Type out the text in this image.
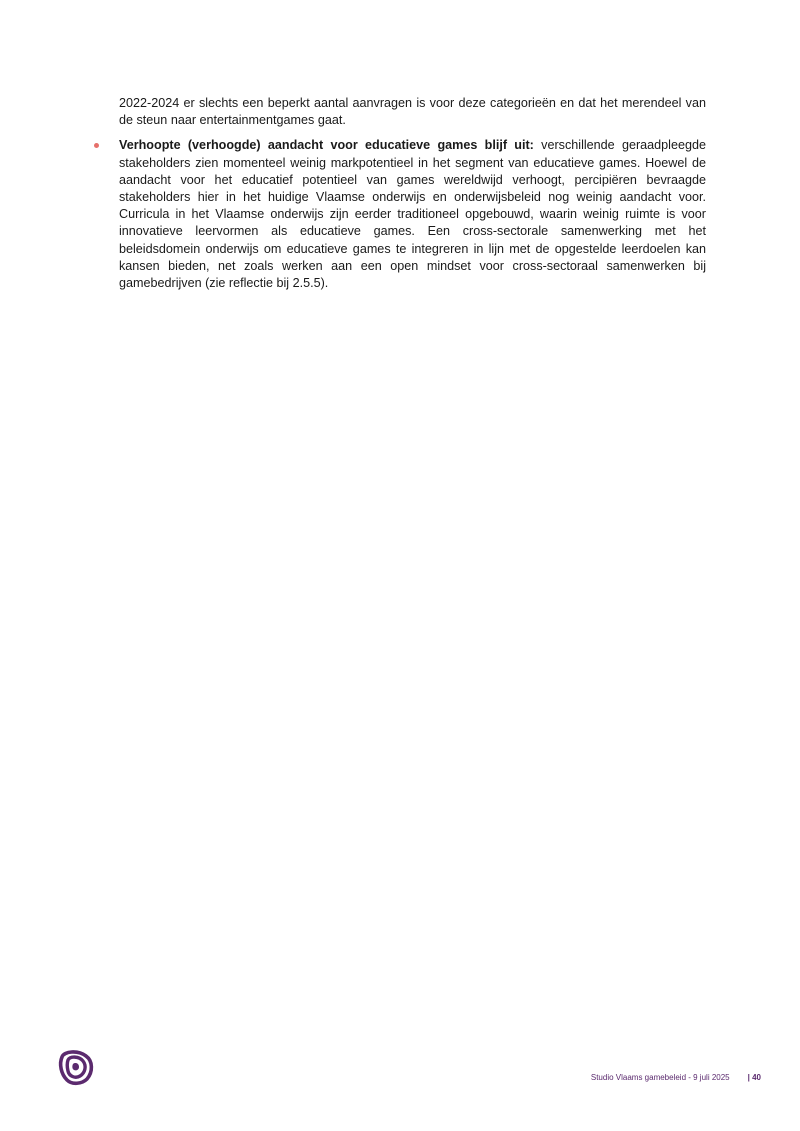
2022-2024 er slechts een beperkt aantal aanvragen is voor deze categorieën en dat het merendeel van de steun naar entertainmentgames gaat.

Verhoopte (verhoogde) aandacht voor educatieve games blijf uit: verschillende geraadpleegde stakeholders zien momenteel weinig markpotentieel in het segment van educatieve games. Hoewel de aandacht voor het educatief potentieel van games wereldwijd verhoogt, percipiëren bevraagde stakeholders hier in het huidige Vlaamse onderwijs en onderwijsbeleid nog weinig aandacht voor. Curricula in het Vlaamse onderwijs zijn eerder traditioneel opgebouwd, waarin weinig ruimte is voor innovatieve leervormen als educatieve games. Een cross-sectorale samenwerking met het beleidsdomein onderwijs om educatieve games te integreren in lijn met de opgestelde leerdoelen kan kansen bieden, net zoals werken aan een open mindset voor cross-sectoraal samenwerken bij gamebedrijven (zie reflectie bij 2.5.5).
Studio Vlaams gamebeleid - 9 juli 2025 | 40
